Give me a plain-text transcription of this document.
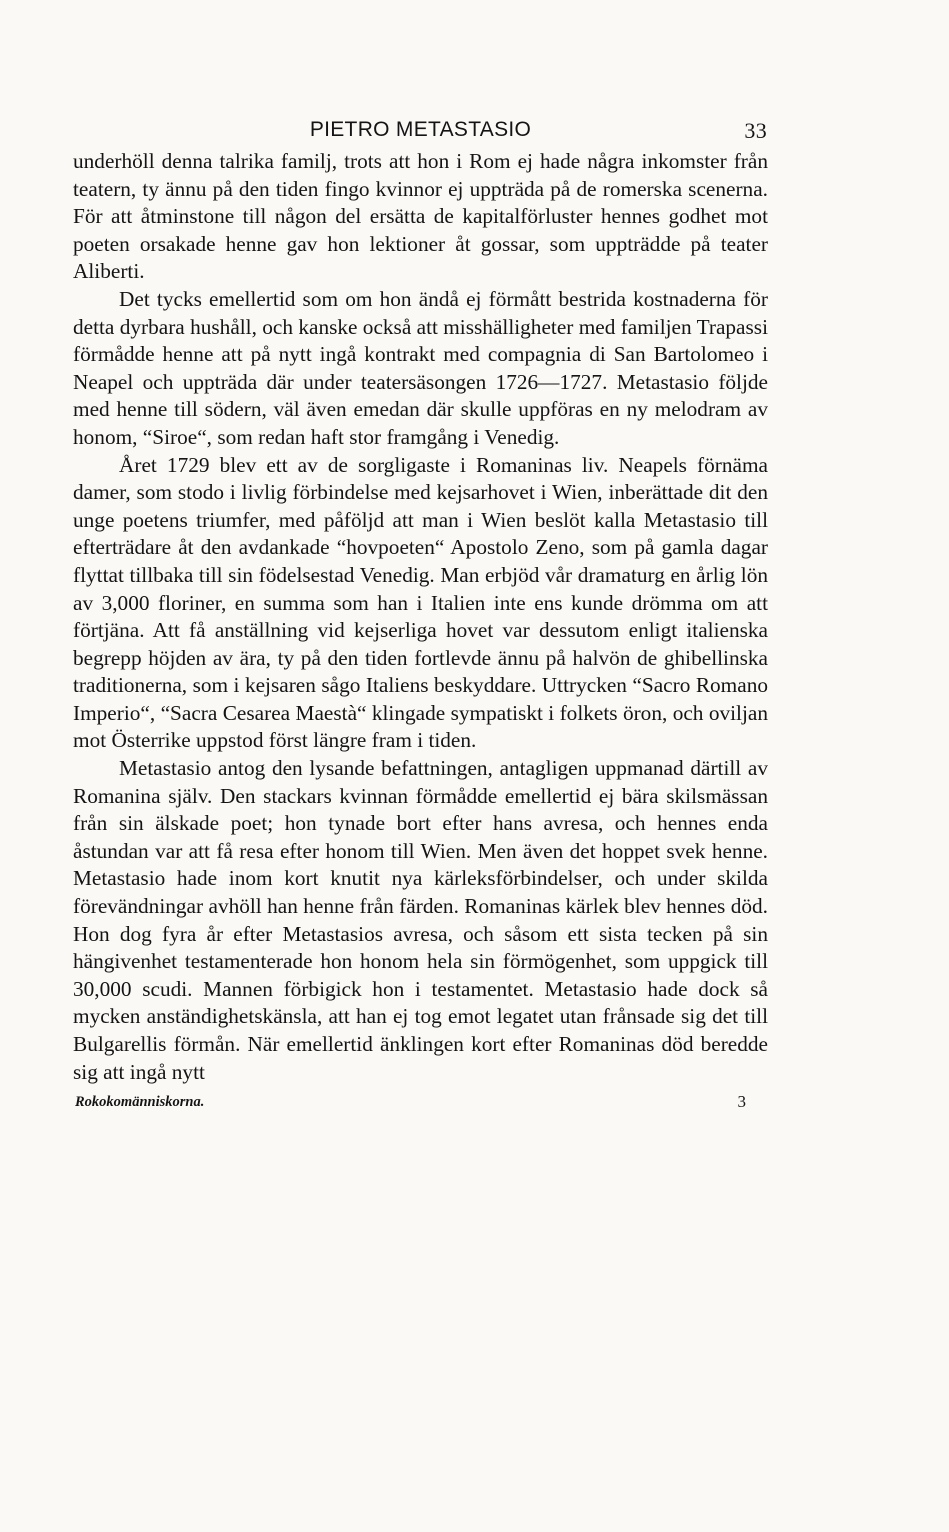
PIETRO METASTASIO	33

underhöll denna talrika familj, trots att hon i Rom ej hade några inkomster från teatern, ty ännu på den tiden fingo kvinnor ej uppträda på de romerska scenerna. För att åtminstone till någon del ersätta de kapitalförluster hennes godhet mot poeten orsakade henne gav hon lektioner åt gossar, som uppträdde på teater Aliberti.

Det tycks emellertid som om hon ändå ej förmått bestrida kostnaderna för detta dyrbara hushåll, och kanske också att misshälligheter med familjen Trapassi förmådde henne att på nytt ingå kontrakt med compagnia di San Bartolomeo i Neapel och uppträda där under teatersäsongen 1726—1727. Metastasio följde med henne till södern, väl även emedan där skulle uppföras en ny melodram av honom, “Siroe“, som redan haft stor framgång i Venedig.

Året 1729 blev ett av de sorgligaste i Romaninas liv. Neapels förnäma damer, som stodo i livlig förbindelse med kejsarhovet i Wien, inberättade dit den unge poetens triumfer, med påföljd att man i Wien beslöt kalla Metastasio till efterträdare åt den avdankade “hovpoeten“ Apostolo Zeno, som på gamla dagar flyttat tillbaka till sin födelsestad Venedig. Man erbjöd vår dramaturg en årlig lön av 3,000 floriner, en summa som han i Italien inte ens kunde drömma om att förtjäna. Att få anställning vid kejserliga hovet var dessutom enligt italienska begrepp höjden av ära, ty på den tiden fortlevde ännu på halvön de ghibellinska traditionerna, som i kejsaren sågo Italiens beskyddare. Uttrycken “Sacro Romano Imperio“, “Sacra Cesarea Maestà“ klingade sympatiskt i folkets öron, och oviljan mot Österrike uppstod först längre fram i tiden.

Metastasio antog den lysande befattningen, antagligen uppmanad därtill av Romanina själv. Den stackars kvinnan förmådde emellertid ej bära skilsmässan från sin älskade poet; hon tynade bort efter hans avresa, och hennes enda åstundan var att få resa efter honom till Wien. Men även det hoppet svek henne. Metastasio hade inom kort knutit nya kärleksförbindelser, och under skilda förevändningar avhöll han henne från färden. Romaninas kärlek blev hennes död. Hon dog fyra år efter Metastasios avresa, och såsom ett sista tecken på sin hängivenhet testamenterade hon honom hela sin förmögenhet, som uppgick till 30,000 scudi. Mannen förbigick hon i testamentet. Metastasio hade dock så mycken anständighetskänsla, att han ej tog emot legatet utan frånsade sig det till Bulgarellis förmån. När emellertid änklingen kort efter Romaninas död beredde sig att ingå nytt

Rokokomänniskorna.	3
